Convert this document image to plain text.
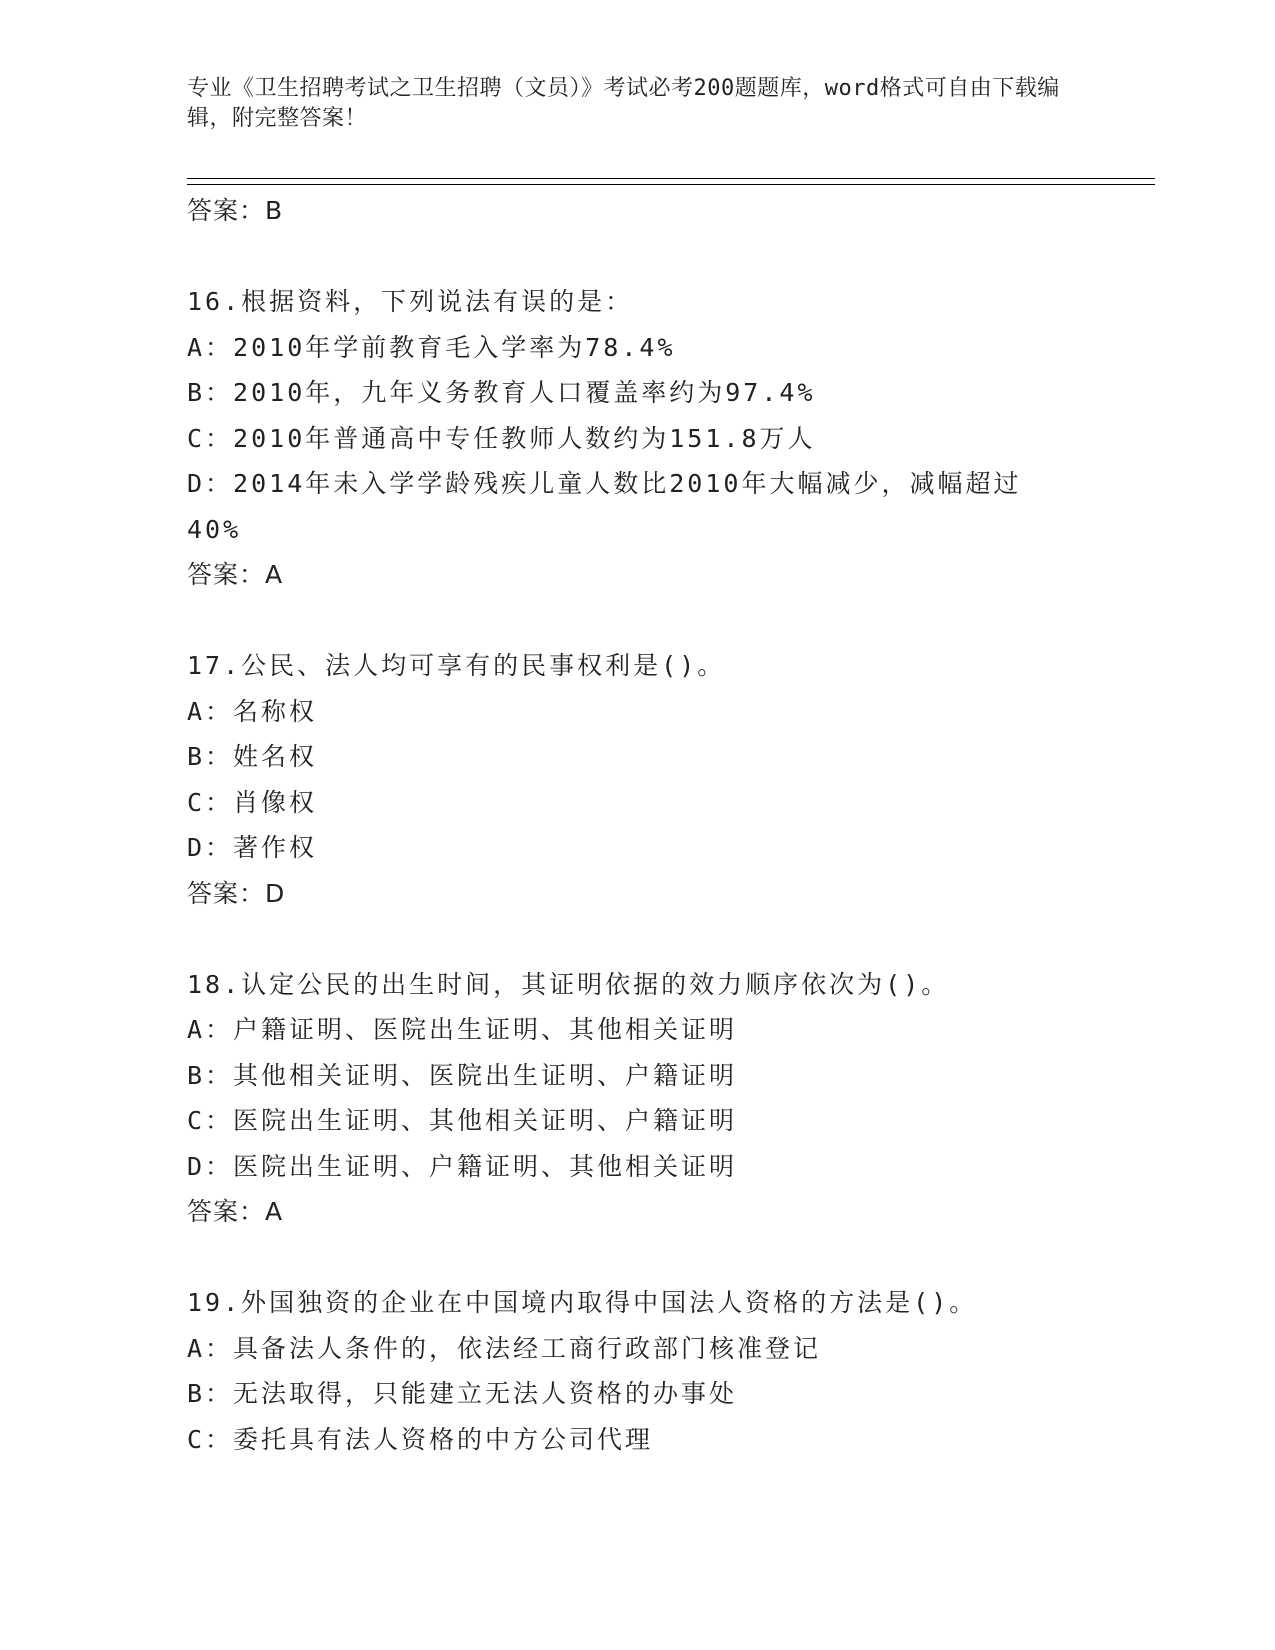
专业《卫生招聘考试之卫生招聘（文员）》考试必考200题题库，word格式可自由下载编辑，附完整答案！
答案：B
16.根据资料，下列说法有误的是：
A：2010年学前教育毛入学率为78.4%
B：2010年，九年义务教育人口覆盖率约为97.4%
C：2010年普通高中专任教师人数约为151.8万人
D：2014年未入学学龄残疾儿童人数比2010年大幅减少，减幅超过40%
答案：A
17.公民、法人均可享有的民事权利是()。
A：名称权
B：姓名权
C：肖像权
D：著作权
答案：D
18.认定公民的出生时间，其证明依据的效力顺序依次为()。
A：户籍证明、医院出生证明、其他相关证明
B：其他相关证明、医院出生证明、户籍证明
C：医院出生证明、其他相关证明、户籍证明
D：医院出生证明、户籍证明、其他相关证明
答案：A
19.外国独资的企业在中国境内取得中国法人资格的方法是()。
A：具备法人条件的，依法经工商行政部门核准登记
B：无法取得，只能建立无法人资格的办事处
C：委托具有法人资格的中方公司代理
